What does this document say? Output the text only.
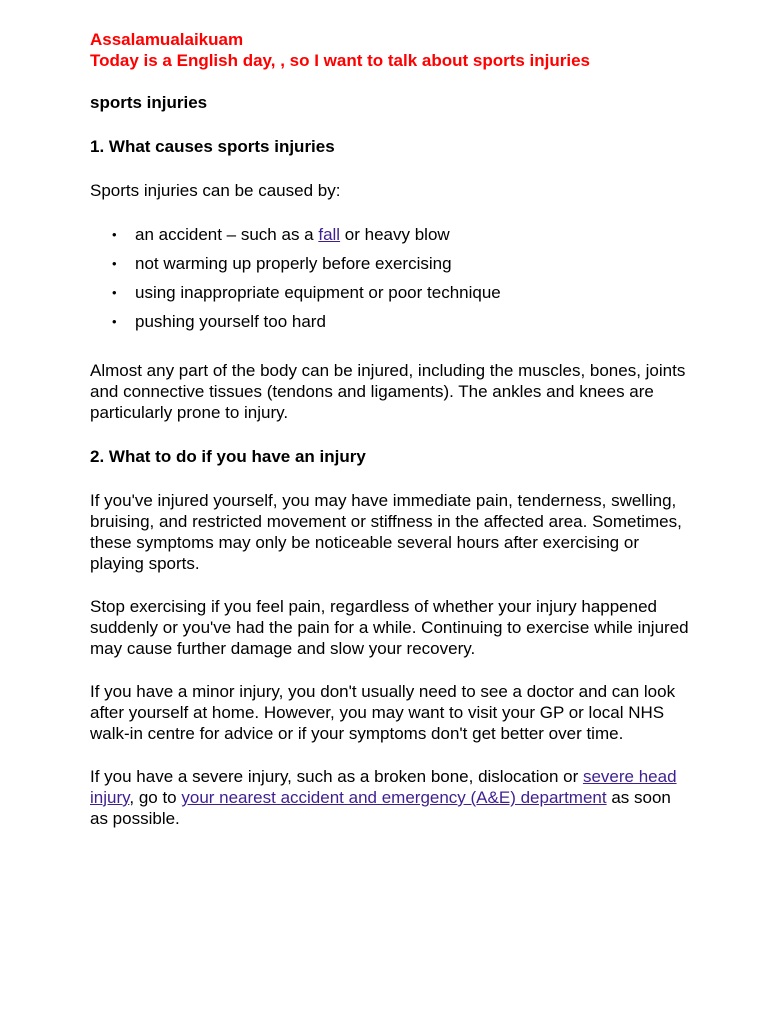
Assalamualaikuam

Today is a English day, , so I want to talk about sports injuries

sports injuries

1. What causes sports injuries

Sports injuries can be caused by:

• an accident – such as a fall or heavy blow
• not warming up properly before exercising
• using inappropriate equipment or poor technique
• pushing yourself too hard

Almost any part of the body can be injured, including the muscles, bones, joints and connective tissues (tendons and ligaments). The ankles and knees are particularly prone to injury.

2. What to do if you have an injury

If you've injured yourself, you may have immediate pain, tenderness, swelling, bruising, and restricted movement or stiffness in the affected area. Sometimes, these symptoms may only be noticeable several hours after exercising or playing sports.

Stop exercising if you feel pain, regardless of whether your injury happened suddenly or you've had the pain for a while. Continuing to exercise while injured may cause further damage and slow your recovery.

If you have a minor injury, you don't usually need to see a doctor and can look after yourself at home. However, you may want to visit your GP or local NHS walk-in centre for advice or if your symptoms don't get better over time.

If you have a severe injury, such as a broken bone, dislocation or severe head injury, go to your nearest accident and emergency (A&E) department as soon as possible.
